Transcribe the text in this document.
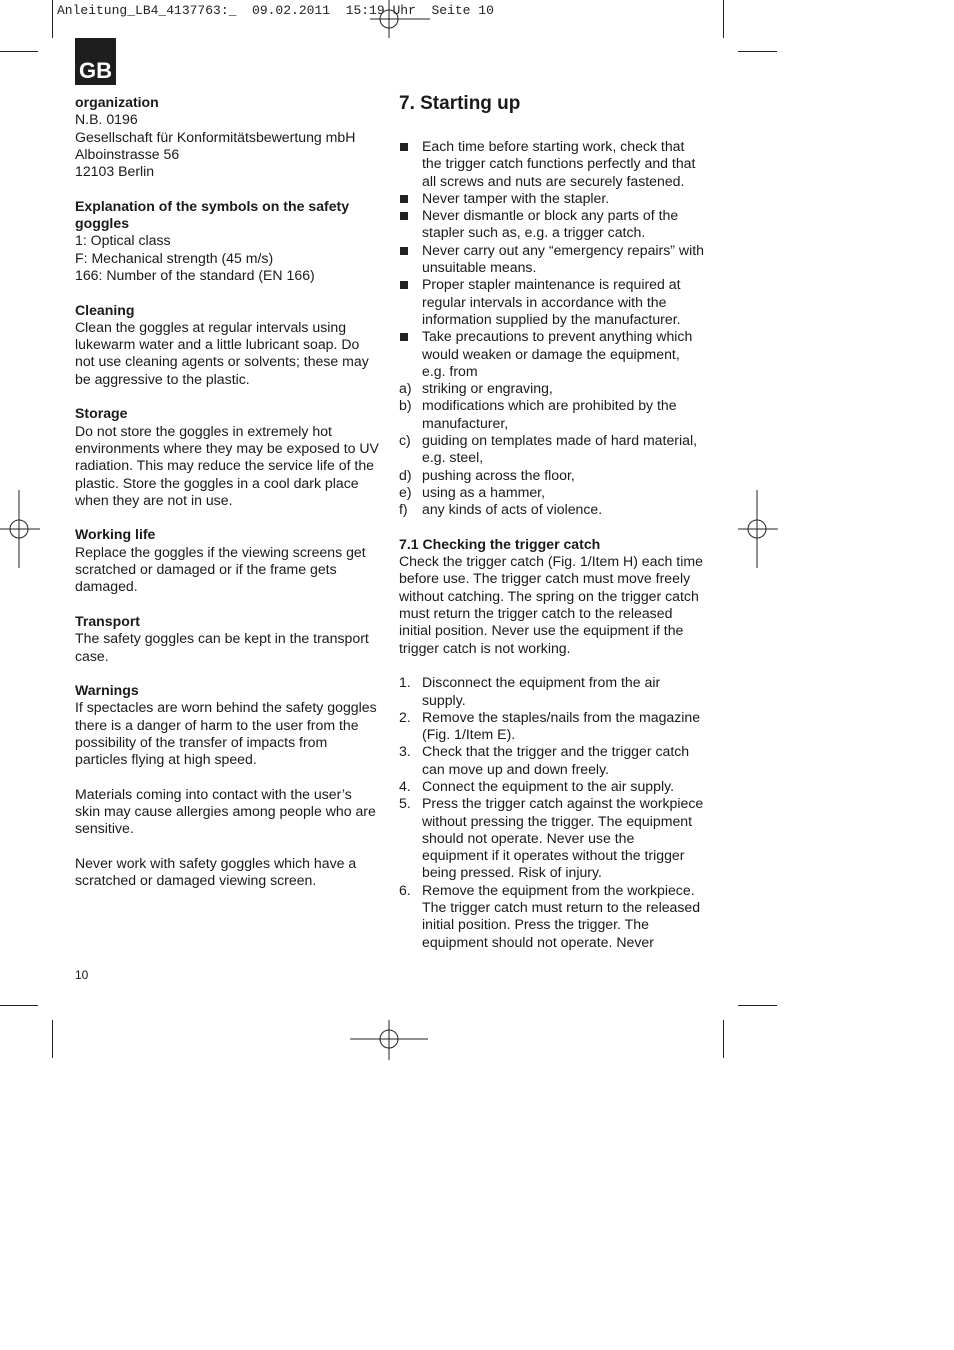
Anleitung_LB4_4137763:_  09.02.2011  15:19 Uhr  Seite 10
GB
organization
N.B. 0196
Gesellschaft für Konformitätsbewertung mbH
Alboinstrasse 56
12103 Berlin
Explanation of the symbols on the safety goggles
1: Optical class
F: Mechanical strength (45 m/s)
166: Number of the standard (EN 166)
Cleaning
Clean the goggles at regular intervals using lukewarm water and a little lubricant soap. Do not use cleaning agents or solvents; these may be aggressive to the plastic.
Storage
Do not store the goggles in extremely hot environments where they may be exposed to UV radiation. This may reduce the service life of the plastic. Store the goggles in a cool dark place when they are not in use.
Working life
Replace the goggles if the viewing screens get scratched or damaged or if the frame gets damaged.
Transport
The safety goggles can be kept in the transport case.
Warnings
If spectacles are worn behind the safety goggles there is a danger of harm to the user from the possibility of the transfer of impacts from particles flying at high speed.
Materials coming into contact with the user’s skin may cause allergies among people who are sensitive.
Never work with safety goggles which have a scratched or damaged viewing screen.
7. Starting up
Each time before starting work, check that the trigger catch functions perfectly and that all screws and nuts are securely fastened.
Never tamper with the stapler.
Never dismantle or block any parts of the stapler such as, e.g. a trigger catch.
Never carry out any “emergency repairs” with unsuitable means.
Proper stapler maintenance is required at regular intervals in accordance with the information supplied by the manufacturer.
Take precautions to prevent anything which would weaken or damage the equipment, e.g. from
a) striking or engraving,
b) modifications which are prohibited by the manufacturer,
c) guiding on templates made of hard material, e.g. steel,
d) pushing across the floor,
e) using as a hammer,
f) any kinds of acts of violence.
7.1 Checking the trigger catch
Check the trigger catch (Fig. 1/Item H) each time before use. The trigger catch must move freely without catching. The spring on the trigger catch must return the trigger catch to the released initial position. Never use the equipment if the trigger catch is not working.
1. Disconnect the equipment from the air supply.
2. Remove the staples/nails from the magazine (Fig. 1/Item E).
3. Check that the trigger and the trigger catch can move up and down freely.
4. Connect the equipment to the air supply.
5. Press the trigger catch against the workpiece without pressing the trigger. The equipment should not operate. Never use the equipment if it operates without the trigger being pressed. Risk of injury.
6. Remove the equipment from the workpiece. The trigger catch must return to the released initial position. Press the trigger. The equipment should not operate. Never
10
